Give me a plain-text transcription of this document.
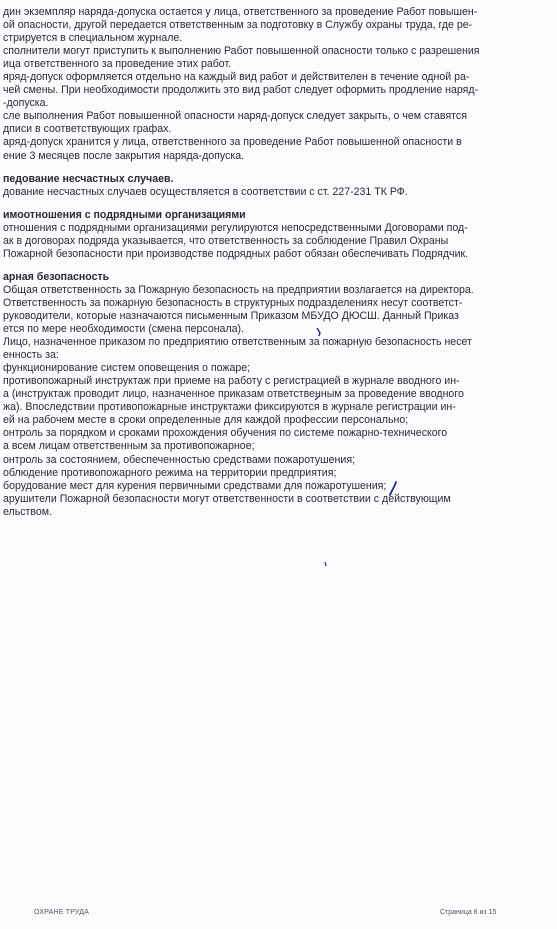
дин экземпляр наряда-допуска остается у лица, ответственного за проведение Работ повышен-
ой опасности, другой передается ответственным за подготовку в Службу охраны труда, где ре-
стрируется в специальном журнале.
сполнители могут приступить к выполнению Работ повышенной опасности только с разрешения
ица ответственного за проведение этих работ.
яряд-допуск оформляется отдельно на каждый вид работ и действителен в течение одной ра-
чей смены. При необходимости продолжить это вид работ следует оформить продление наряд-
-допуска.
сле выполнения Работ повышенной опасности наряд-допуск следует закрыть, о чем ставятся
дписи в соответствующих графах.
аряд-допуск хранится у лица, ответственного за проведение Работ повышенной опасности в
ение 3 месяцев после закрытия наряда-допуска.
педование несчастных случаев.
дование несчастных случаев осуществляется в соответствии с ст. 227-231 ТК РФ.
имоотношения с подрядными организациями
отношения с подрядными организациями регулируются непосредственными Договорами под-
ак в договорах подряда указывается, что ответственность за соблюдение Правил Охраны
Пожарной безопасности при производстве подрядных работ обязан обеспечивать Подрядчик.
арная безопасность
Общая ответственность за Пожарную безопасность на предприятии возлагается на директора.
Ответственность за пожарную безопасность в структурных подразделениях несут соответст-
руководители, которые назначаются письменным Приказом МБУДО ДЮСШ. Данный Приказ
ется по мере необходимости (смена персонала).
Лицо, назначенное приказом по предприятию ответственным за пожарную безопасность несет
енность за:
функционирование систем оповещения о пожаре;
противопожарный инструктаж при приеме на работу с регистрацией в журнале вводного ин-
а (инструктаж проводит лицо, назначенное приказам ответственным за проведение вводного
жа). Впоследствии противопожарные инструктажи фиксируются в журнале регистрации ин-
ей на рабочем месте в сроки определенные для каждой профессии персонально;
онтроль за порядком и сроками прохождения обучения по системе пожарно-технического
а всем лицам ответственным за противопожарное;
онтроль за состоянием, обеспеченностью средствами пожаротушения;
облюдение противопожарного режима на территории предприятия;
борудование мест для курения первичными средствами для пожаротушения;
арушители Пожарной безопасности могут ответственности в соответствии с действующим
ельством.
ОХРАНЕ ТРУДА	Страница 8 из 15
